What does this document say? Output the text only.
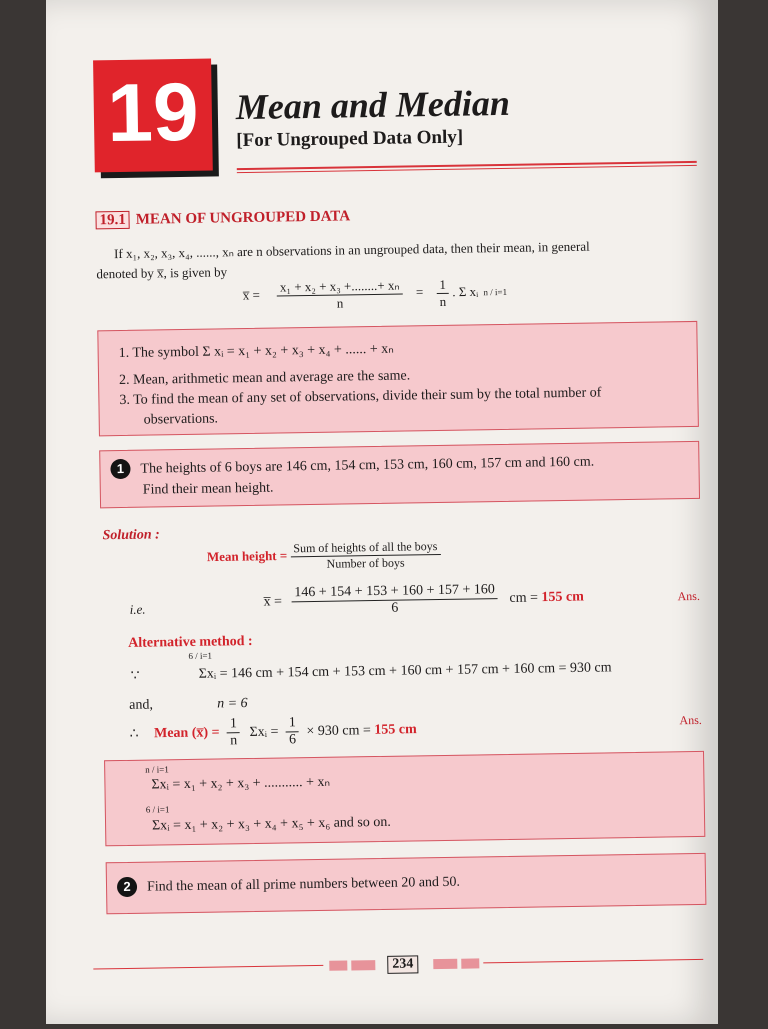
19	Mean and Median
[For Ungrouped Data Only]
19.1 MEAN OF UNGROUPED DATA
If x₁, x₂, x₃, x₄, ......, xₙ are n observations in an ungrouped data, then their mean, in general
denoted by x̅, is given by
x̅ = $\frac{\text{x₁ + x₂ + x₃ +........+ xₙ}}{n} = \frac{1}{n}$ . Σ xᵢ n / i=1
1. The symbol Σ xᵢ = x₁ + x₂ + x₃ + x₄ + ...... + xₙ
2. Mean, arithmetic mean and average are the same.
3. To find the mean of any set of observations, divide their sum by the total number of
observations.
1 The heights of 6 boys are 146 cm, 154 cm, 153 cm, 160 cm, 157 cm and 160 cm.
Find their mean height.
Solution :
Mean height = $\frac{\text{Sum of heights of all the boys}}{\text{Number of boys}}$
i.e.	x̅ = $\frac{146 + 154 + 153 + 160 + 157 + 160}{6}$ cm = 155 cm	Ans.
Alternative method :
∵
6 / i=1
Σxᵢ = 146 cm + 154 cm + 153 cm + 160 cm + 157 cm + 160 cm = 930 cm
and,	n = 6
∴ Mean (x̅) = $\frac{1}{n}$ Σxᵢ = $\frac{1}{6} \times 930$ cm = 155 cm
Ans.
n / i=1
Σxᵢ = x₁ + x₂ + x₃ + ........... + xₙ
6 / i=1
Σxᵢ = x₁ + x₂ + x₃ + x₄ + x₅ + x₆ and so on.
2 Find the mean of all prime numbers between 20 and 50.
234
